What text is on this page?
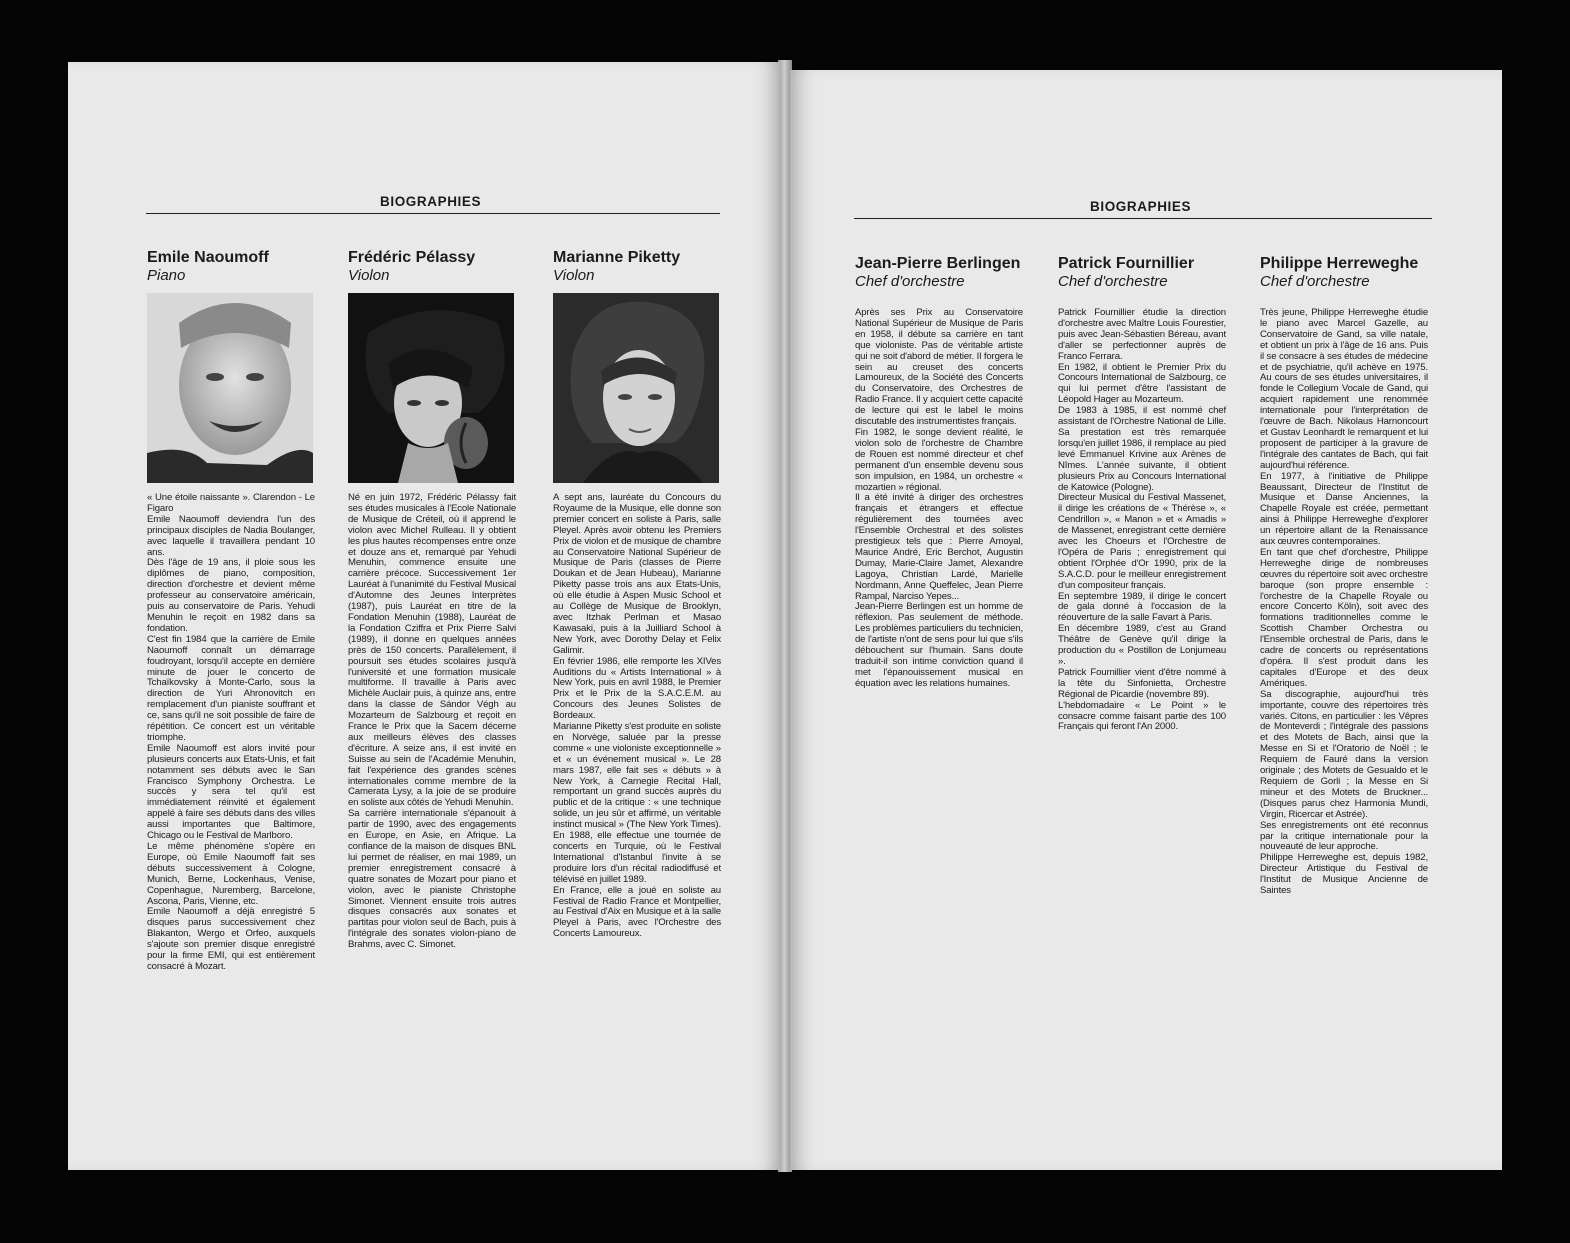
BIOGRAPHIES
Emile Naoumoff
Piano

« Une étoile naissante ». Clarendon - Le Figaro

Emile Naoumoff deviendra l'un des principaux disciples de Nadia Boulanger, avec laquelle il travaillera pendant 10 ans.

Dès l'âge de 19 ans, il ploie sous les diplômes de piano, composition, direction d'orchestre et devient même professeur au conservatoire américain, puis au conservatoire de Paris. Yehudi Menuhin le reçoit en 1982 dans sa fondation.

C'est fin 1984 que la carrière de Emile Naoumoff connaît un démarrage foudroyant, lorsqu'il accepte en dernière minute de jouer le concerto de Tchaïkovsky à Monte-Carlo, sous la direction de Yuri Ahronovitch en remplacement d'un pianiste souffrant et ce, sans qu'il ne soit possible de faire de répétition. Ce concert est un véritable triomphe.

Emile Naoumoff est alors invité pour plusieurs concerts aux Etats-Unis, et fait notamment ses débuts avec le San Francisco Symphony Orchestra. Le succès y sera tel qu'il est immédiatement réinvité et également appelé à faire ses débuts dans des villes aussi importantes que Baltimore, Chicago ou le Festival de Marlboro.

Le même phénomène s'opère en Europe, où Emile Naoumoff fait ses débuts successivement à Cologne, Munich, Berne, Lockenhaus, Venise, Copenhague, Nuremberg, Barcelone, Ascona, Paris, Vienne, etc.

Emile Naoumoff a déjà enregistré 5 disques parus successivement chez Blakanton, Wergo et Orfeo, auxquels s'ajoute son premier disque enregistré pour la firme EMI, qui est entièrement consacré à Mozart.

Frédéric Pélassy
Violon

Né en juin 1972, Frédéric Pélassy fait ses études musicales à l'Ecole Nationale de Musique de Créteil, où il apprend le violon avec Michel Rulleau. Il y obtient les plus hautes récompenses entre onze et douze ans et, remarqué par Yehudi Menuhin, commence ensuite une carrière précoce. Successivement 1er Lauréat à l'unanimité du Festival Musical d'Automne des Jeunes Interprètes (1987), puis Lauréat en titre de la Fondation Menuhin (1988), Lauréat de la Fondation Cziffra et Prix Pierre Salvi (1989), il donne en quelques années près de 150 concerts. Parallèlement, il poursuit ses études scolaires jusqu'à l'université et une formation musicale multiforme. Il travaille à Paris avec Michèle Auclair puis, à quinze ans, entre dans la classe de Sándor Végh au Mozarteum de Salzbourg et reçoit en France le Prix que la Sacem décerne aux meilleurs élèves des classes d'écriture. A seize ans, il est invité en Suisse au sein de l'Académie Menuhin, fait l'expérience des grandes scènes internationales comme membre de la Camerata Lysy, a la joie de se produire en soliste aux côtés de Yehudi Menuhin.

Sa carrière internationale s'épanouit à partir de 1990, avec des engagements en Europe, en Asie, en Afrique. La confiance de la maison de disques BNL lui permet de réaliser, en mai 1989, un premier enregistrement consacré à quatre sonates de Mozart pour piano et violon, avec le pianiste Christophe Simonet. Viennent ensuite trois autres disques consacrés aux sonates et partitas pour violon seul de Bach, puis à l'intégrale des sonates violon-piano de Brahms, avec C. Simonet.

Marianne Piketty
Violon

A sept ans, lauréate du Concours du Royaume de la Musique, elle donne son premier concert en soliste à Paris, salle Pleyel. Après avoir obtenu les Premiers Prix de violon et de musique de chambre au Conservatoire National Supérieur de Musique de Paris (classes de Pierre Doukan et de Jean Hubeau), Marianne Piketty passe trois ans aux Etats-Unis, où elle étudie à Aspen Music School et au Collège de Musique de Brooklyn, avec Itzhak Perlman et Masao Kawasaki, puis à la Juilliard School à New York, avec Dorothy Delay et Felix Galimir.

En février 1986, elle remporte les XIVes Auditions du « Artists International » à New York, puis en avril 1988, le Premier Prix et le Prix de la S.A.C.E.M. au Concours des Jeunes Solistes de Bordeaux.

Marianne Piketty s'est produite en soliste en Norvège, saluée par la presse comme « une violoniste exceptionnelle » et « un événement musical ». Le 28 mars 1987, elle fait ses « débuts » à New York, à Carnegie Recital Hall, remportant un grand succès auprès du public et de la critique : « une technique solide, un jeu sûr et affirmé, un véritable instinct musical » (The New York Times). En 1988, elle effectue une tournée de concerts en Turquie, où le Festival International d'Istanbul l'invite à se produire lors d'un récital radiodiffusé et télévisé en juillet 1989.

En France, elle a joué en soliste au Festival de Radio France et Montpellier, au Festival d'Aix en Musique et à la salle Pleyel à Paris, avec l'Orchestre des Concerts Lamoureux.

BIOGRAPHIES
Jean-Pierre Berlingen
Chef d'orchestre

Après ses Prix au Conservatoire National Supérieur de Musique de Paris en 1958, il débute sa carrière en tant que violoniste. Pas de véritable artiste qui ne soit d'abord de métier. Il forgera le sein au creuset des concerts Lamoureux, de la Société des Concerts du Conservatoire, des Orchestres de Radio France. Il y acquiert cette capacité de lecture qui est le label le moins discutable des instrumentistes français.

Fin 1982, le songe devient réalité, le violon solo de l'orchestre de Chambre de Rouen est nommé directeur et chef permanent d'un ensemble devenu sous son impulsion, en 1984, un orchestre « mozartien » régional.

Il a été invité à diriger des orchestres français et étrangers et effectue régulièrement des tournées avec l'Ensemble Orchestral et des solistes prestigieux tels que : Pierre Amoyal, Maurice André, Eric Berchot, Augustin Dumay, Marie-Claire Jamet, Alexandre Lagoya, Christian Lardé, Marielle Nordmann, Anne Queffelec, Jean Pierre Rampal, Narciso Yepes...

Jean-Pierre Berlingen est un homme de réflexion. Pas seulement de méthode. Les problèmes particuliers du technicien, de l'artiste n'ont de sens pour lui que s'ils débouchent sur l'humain. Sans doute traduit-il son intime conviction quand il met l'épanouissement musical en équation avec les relations humaines.

Patrick Fournillier
Chef d'orchestre

Patrick Fournillier étudie la direction d'orchestre avec Maître Louis Fourestier, puis avec Jean-Sébastien Béreau, avant d'aller se perfectionner auprès de Franco Ferrara.

En 1982, il obtient le Premier Prix du Concours International de Salzbourg, ce qui lui permet d'être l'assistant de Léopold Hager au Mozarteum.

De 1983 à 1985, il est nommé chef assistant de l'Orchestre National de Lille. Sa prestation est très remarquée lorsqu'en juillet 1986, il remplace au pied levé Emmanuel Krivine aux Arènes de Nîmes. L'année suivante, il obtient plusieurs Prix au Concours International de Katowice (Pologne).

Directeur Musical du Festival Massenet, il dirige les créations de « Thérèse », « Cendrillon », « Manon » et « Amadis » de Massenet, enregistrant cette dernière avec les Choeurs et l'Orchestre de l'Opéra de Paris ; enregistrement qui obtient l'Orphée d'Or 1990, prix de la S.A.C.D. pour le meilleur enregistrement d'un compositeur français.

En septembre 1989, il dirige le concert de gala donné à l'occasion de la réouverture de la salle Favart à Paris.

En décembre 1989, c'est au Grand Théâtre de Genève qu'il dirige la production du « Postillon de Lonjumeau ».

Patrick Fournillier vient d'être nommé à la tête du Sinfonietta, Orchestre Régional de Picardie (novembre 89).

L'hebdomadaire « Le Point » le consacre comme faisant partie des 100 Français qui feront l'An 2000.

Philippe Herreweghe
Chef d'orchestre

Très jeune, Philippe Herreweghe étudie le piano avec Marcel Gazelle, au Conservatoire de Gand, sa ville natale, et obtient un prix à l'âge de 16 ans. Puis il se consacre à ses études de médecine et de psychiatrie, qu'il achève en 1975. Au cours de ses études universitaires, il fonde le Collegium Vocale de Gand, qui acquiert rapidement une renommée internationale pour l'interprétation de l'œuvre de Bach. Nikolaus Harnoncourt et Gustav Leonhardt le remarquent et lui proposent de participer à la gravure de l'intégrale des cantates de Bach, qui fait aujourd'hui référence.

En 1977, à l'initiative de Philippe Beaussant, Directeur de l'Institut de Musique et Danse Anciennes, la Chapelle Royale est créée, permettant ainsi à Philippe Herreweghe d'explorer un répertoire allant de la Renaissance aux œuvres contemporaines.

En tant que chef d'orchestre, Philippe Herreweghe dirige de nombreuses œuvres du répertoire soit avec orchestre baroque (son propre ensemble : l'orchestre de la Chapelle Royale ou encore Concerto Köln), soit avec des formations traditionnelles comme le Scottish Chamber Orchestra ou l'Ensemble orchestral de Paris, dans le cadre de concerts ou représentations d'opéra. Il s'est produit dans les capitales d'Europe et des deux Amériques.

Sa discographie, aujourd'hui très importante, couvre des répertoires très variés. Citons, en particulier : les Vêpres de Monteverdi ; l'intégrale des passions et des Motets de Bach, ainsi que la Messe en Si et l'Oratorio de Noël ; le Requiem de Fauré dans la version originale ; des Motets de Gesualdo et le Requiem de Gorli ; la Messe en Si mineur et des Motets de Bruckner... (Disques parus chez Harmonia Mundi, Virgin, Ricercar et Astrée).

Ses enregistrements ont été reconnus par la critique internationale pour la nouveauté de leur approche.

Philippe Herreweghe est, depuis 1982, Directeur Artistique du Festival de l'Institut de Musique Ancienne de Saintes
